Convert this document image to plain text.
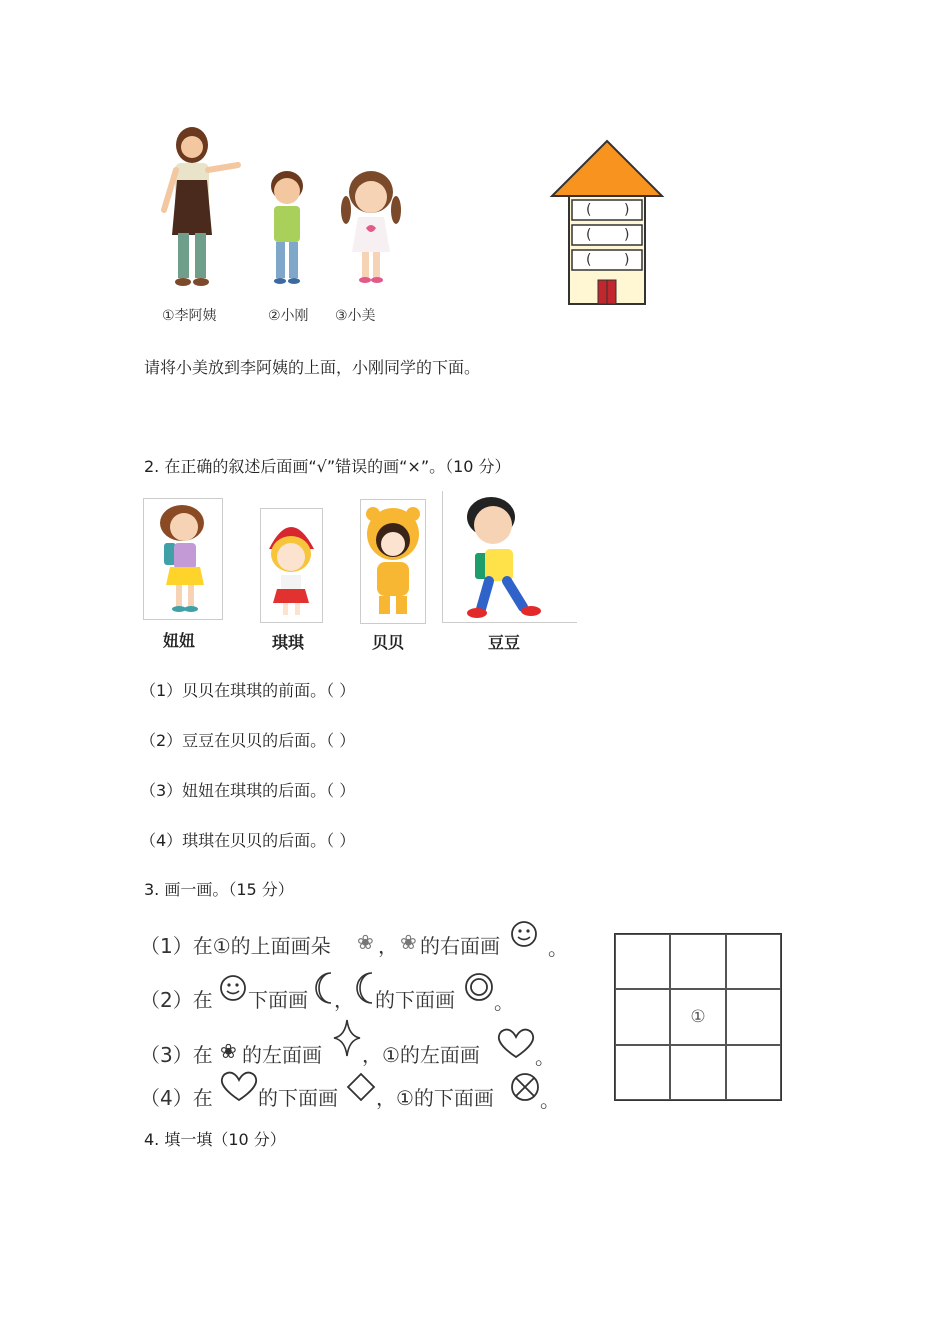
①李阿姨	②小刚 ③小美
( )
( )
( )
请将小美放到李阿姨的上面，小刚同学的下面。
2. 在正确的叙述后面画“√”错误的画“×”。（10 分）
妞妞	琪琪	贝贝	豆豆
（1）贝贝在琪琪的前面。（ ）
（2）豆豆在贝贝的后面。（ ）
（3）妞妞在琪琪的后面。（ ）
（4）琪琪在贝贝的后面。（ ）
3. 画一画。（15 分）
（1）在①的上面画朵 ❀ ， ❀ 的右面画 。
（2）在 下面画 ， 的下面画 。
（3）在 ❀ 的左面画 ，①的左面画	。
（4）在 的下面画 ，①的下面画 。
①
4. 填一填（10 分）
